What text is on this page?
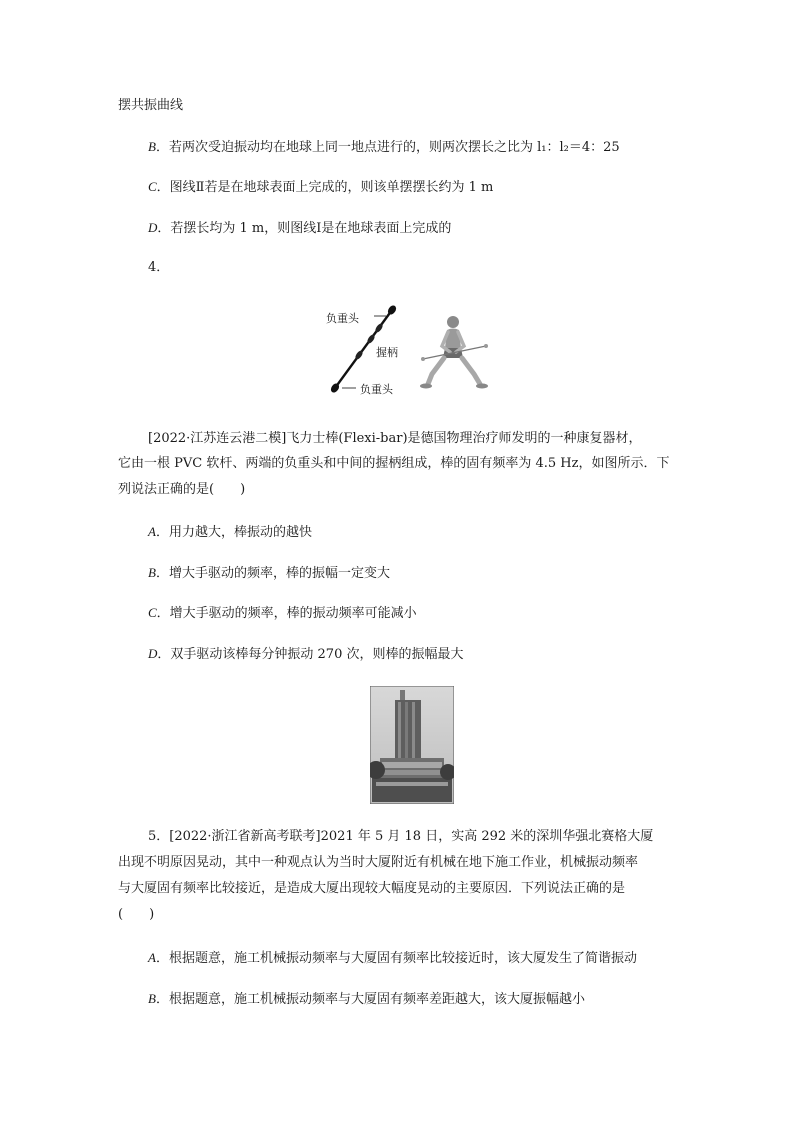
摆共振曲线
B．若两次受迫振动均在地球上同一地点进行的，则两次摆长之比为 l₁：l₂＝4：25
C．图线Ⅱ若是在地球表面上完成的，则该单摆摆长约为 1 m
D．若摆长均为 1 m，则图线Ⅰ是在地球表面上完成的
4．
负重头
握柄
负重头
[2022·江苏连云港二模]飞力士棒(Flexi-bar)是德国物理治疗师发明的一种康复器材，
它由一根 PVC 软杆、两端的负重头和中间的握柄组成，棒的固有频率为 4.5 Hz，如图所示．下
列说法正确的是(　　)
A．用力越大，棒振动的越快
B．增大手驱动的频率，棒的振幅一定变大
C．增大手驱动的频率，棒的振动频率可能减小
D．双手驱动该棒每分钟振动 270 次，则棒的振幅最大
5．[2022·浙江省新高考联考]2021 年 5 月 18 日，实高 292 米的深圳华强北赛格大厦
出现不明原因晃动，其中一种观点认为当时大厦附近有机械在地下施工作业，机械振动频率
与大厦固有频率比较接近，是造成大厦出现较大幅度晃动的主要原因．下列说法正确的是
(　　)
A．根据题意，施工机械振动频率与大厦固有频率比较接近时，该大厦发生了简谐振动
B．根据题意，施工机械振动频率与大厦固有频率差距越大，该大厦振幅越小
